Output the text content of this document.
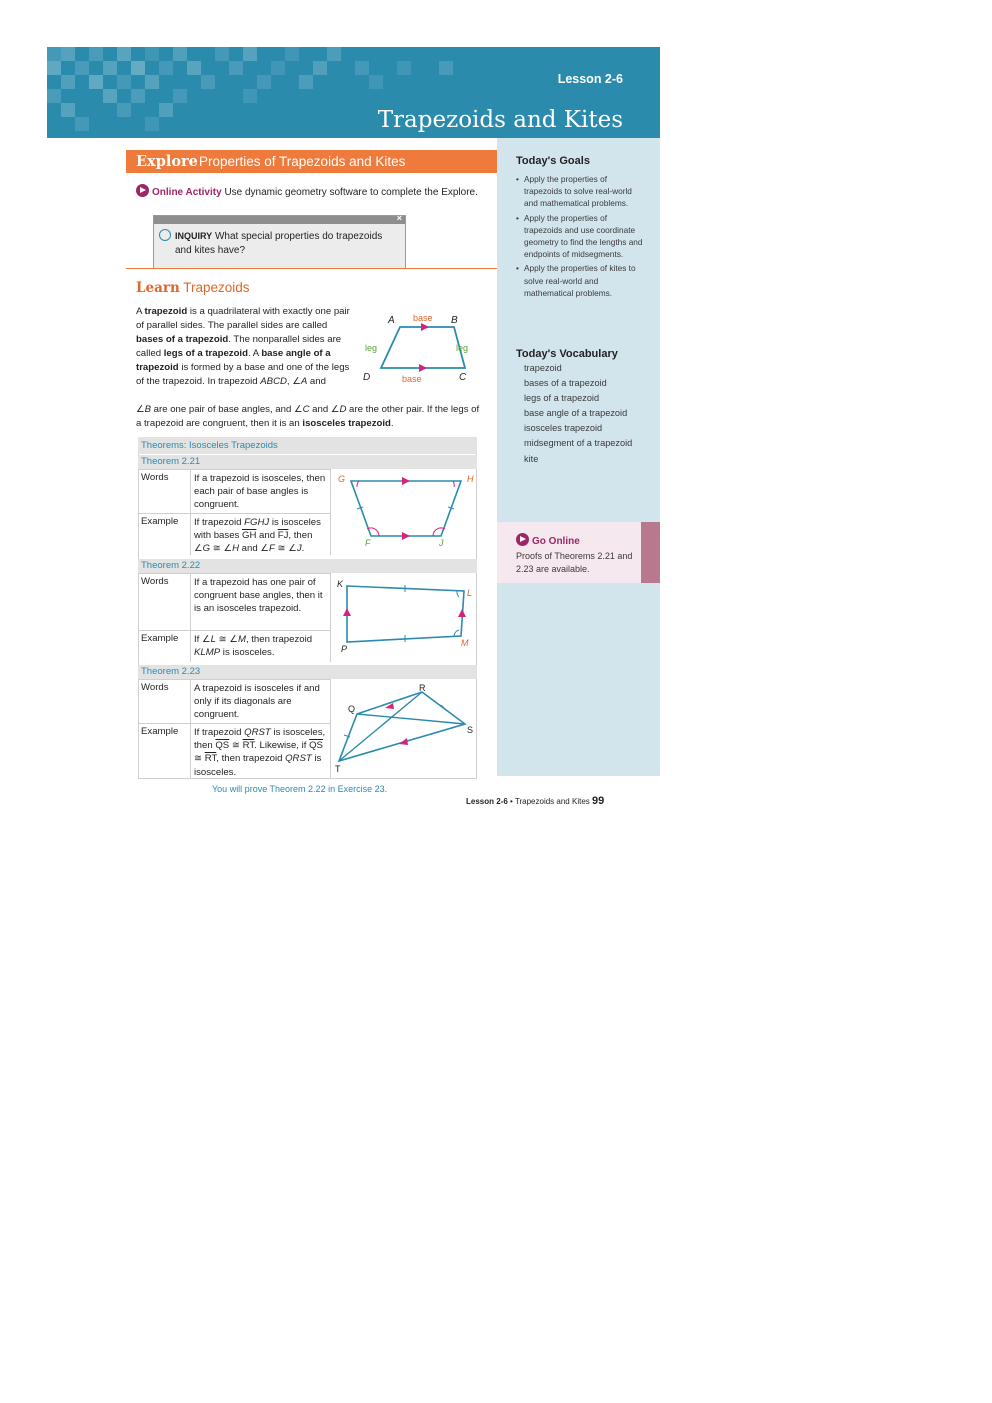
Lesson 2-6
Trapezoids and Kites
Today's Goals
• Apply the properties of trapezoids to solve real-world and mathematical problems.
• Apply the properties of trapezoids and use coordinate geometry to find the lengths and endpoints of midsegments.
• Apply the properties of kites to solve real-world and mathematical problems.
Today's Vocabulary
trapezoid
bases of a trapezoid
legs of a trapezoid
base angle of a trapezoid
isosceles trapezoid
midsegment of a trapezoid
kite
Go Online
Proofs of Theorems 2.21 and 2.23 are available.
Explore Properties of Trapezoids and Kites
Online Activity Use dynamic geometry software to complete the Explore.
×
INQUIRY What special properties do trapezoids and kites have?
Learn Trapezoids
A trapezoid is a quadrilateral with exactly one pair of parallel sides. The parallel sides are called bases of a trapezoid. The nonparallel sides are called legs of a trapezoid. A base angle of a trapezoid is formed by a base and one of the legs of the trapezoid. In trapezoid ABCD, ∠A and
∠B are one pair of base angles, and ∠C and ∠D are the other pair. If the legs of a trapezoid are congruent, then it is an isosceles trapezoid.
A	B
C
D
base
base
leg	leg
Theorems: Isosceles Trapezoids
Theorem 2.21
Words	If a trapezoid is isosceles, then each pair of base angles is congruent.
Example	If trapezoid FGHJ is isosceles with bases $\overline{GH}$ and $\overline{FJ}$, then ∠G ≅ ∠H and ∠F ≅ ∠J.
G	H
F	J
Theorem 2.22
Words	If a trapezoid has one pair of congruent base angles, then it is an isosceles trapezoid.
Example	If ∠L ≅ ∠M, then trapezoid KLMP is isosceles.
K
L
M
P
Theorem 2.23
Words	A trapezoid is isosceles if and only if its diagonals are congruent.
Example	If trapezoid QRST is isosceles, then $\overline{QS}$ ≅ $\overline{RT}$. Likewise, if $\overline{QS}$ ≅ $\overline{RT}$, then trapezoid QRST is isosceles.
Q
R
S
T
You will prove Theorem 2.22 in Exercise 23.
Lesson 2-6 • Trapezoids and Kites 99
